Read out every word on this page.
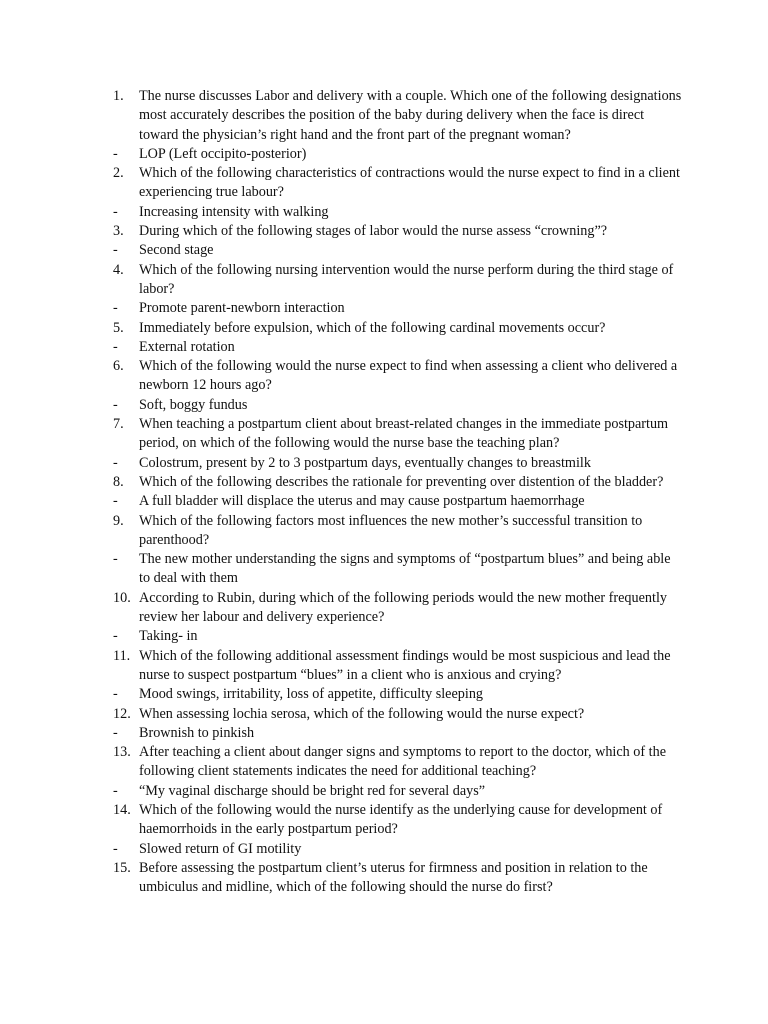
1.	The nurse discusses Labor and delivery with a couple. Which one of the following designations most accurately describes the position of the baby during delivery when the face is direct toward the physician’s right hand and the front part of the pregnant woman?
-	LOP (Left occipito-posterior)
2.	Which of the following characteristics of contractions would the nurse expect to find in a client experiencing true labour?
-	Increasing intensity with walking
3.	During which of the following stages of labor would the nurse assess “crowning”?
-	Second stage
4.	Which of the following nursing intervention would the nurse perform during the third stage of labor?
-	Promote parent-newborn interaction
5.	Immediately before expulsion, which of the following cardinal movements occur?
-	External rotation
6.	Which of the following would the nurse expect to find when assessing a client who delivered a newborn 12 hours ago?
-	Soft, boggy fundus
7.	When teaching a postpartum client about breast-related changes in the immediate postpartum period, on which of the following would the nurse base the teaching plan?
-	Colostrum, present by 2 to 3 postpartum days, eventually changes to breastmilk
8.	Which of the following describes the rationale for preventing over distention of the bladder?
-	A full bladder will displace the uterus and may cause postpartum haemorrhage
9.	Which of the following factors most influences the new mother’s successful transition to parenthood?
-	The new mother understanding the signs and symptoms of “postpartum blues” and being able to deal with them
10. According to Rubin, during which of the following periods would the new mother frequently review her labour and delivery experience?
-	Taking- in
11. Which of the following additional assessment findings would be most suspicious and lead the nurse to suspect postpartum “blues” in a client who is anxious and crying?
-	Mood swings, irritability, loss of appetite, difficulty sleeping
12. When assessing lochia serosa, which of the following would the nurse expect?
-	Brownish to pinkish
13. After teaching a client about danger signs and symptoms to report to the doctor, which of the following client statements indicates the need for additional teaching?
-	“My vaginal discharge should be bright red for several days”
14. Which of the following would the nurse identify as the underlying cause for development of haemorrhoids in the early postpartum period?
-	Slowed return of GI motility
15. Before assessing the postpartum client’s uterus for firmness and position in relation to the umbiculus and midline, which of the following should the nurse do first?
